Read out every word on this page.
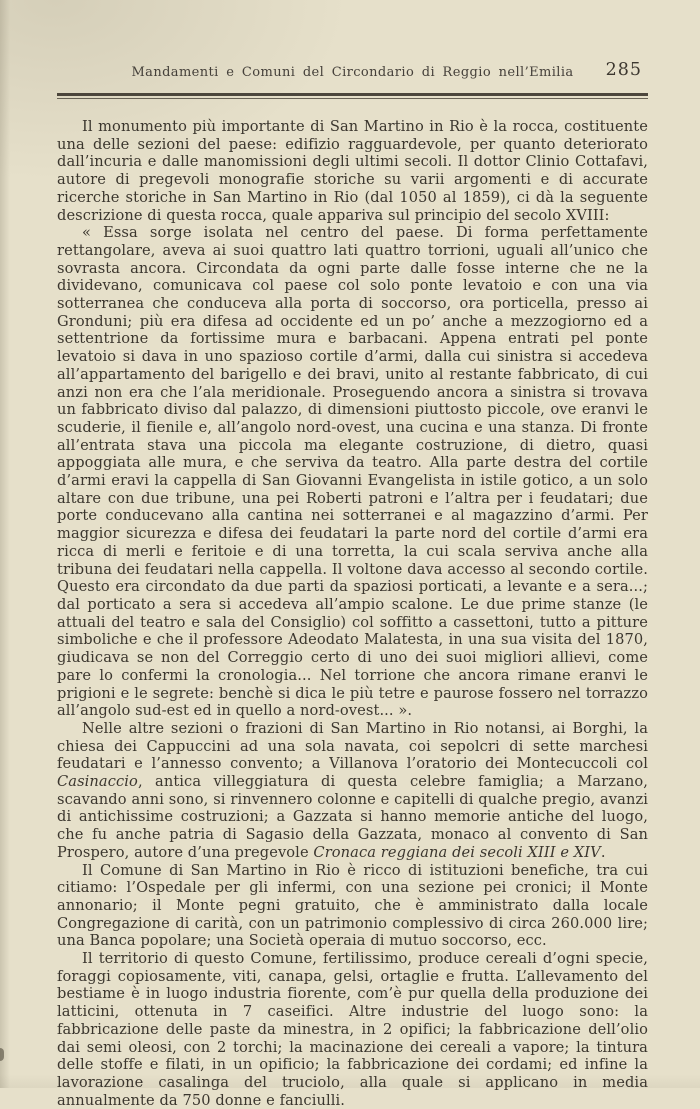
Mandamenti e Comuni del Circondario di Reggio nell’Emilia	285

Il monumento più importante di San Martino in Rio è la rocca, costituente una delle sezioni del paese: edifizio ragguardevole, per quanto deteriorato dall’incuria e dalle manomissioni degli ultimi secoli. Il dottor Clinio Cottafavi, autore di pregevoli monografie storiche su varii argomenti e di accurate ricerche storiche in San Martino in Rio (dal 1050 al 1859), ci dà la seguente descrizione di questa rocca, quale appariva sul principio del secolo XVIII:

« Essa sorge isolata nel centro del paese. Di forma perfettamente rettangolare, aveva ai suoi quattro lati quattro torrioni, uguali all’unico che sovrasta ancora. Circondata da ogni parte dalle fosse interne che ne la dividevano, comunicava col paese col solo ponte levatoio e con una via sotterranea che conduceva alla porta di soccorso, ora porticella, presso ai Gronduni; più era difesa ad occidente ed un po’ anche a mezzogiorno ed a settentrione da fortissime mura e barbacani. Appena entrati pel ponte levatoio si dava in uno spazioso cortile d’armi, dalla cui sinistra si accedeva all’appartamento del barigello e dei bravi, unito al restante fabbricato, di cui anzi non era che l’ala meridionale. Proseguendo ancora a sinistra si trovava un fabbricato diviso dal palazzo, di dimensioni piuttosto piccole, ove eranvi le scuderie, il fienile e, all’angolo nord-ovest, una cucina e una stanza. Di fronte all’entrata stava una piccola ma elegante costruzione, di dietro, quasi appoggiata alle mura, e che serviva da teatro. Alla parte destra del cortile d’armi eravi la cappella di San Giovanni Evangelista in istile gotico, a un solo altare con due tribune, una pei Roberti patroni e l’altra per i feudatari; due porte conducevano alla cantina nei sotterranei e al magazzino d’armi. Per maggior sicurezza e difesa dei feudatari la parte nord del cortile d’armi era ricca di merli e feritoie e di una torretta, la cui scala serviva anche alla tribuna dei feudatari nella cappella. Il voltone dava accesso al secondo cortile. Questo era circondato da due parti da spaziosi porticati, a levante e a sera...; dal porticato a sera si accedeva all’ampio scalone. Le due prime stanze (le attuali del teatro e sala del Consiglio) col soffitto a cassettoni, tutto a pitture simboliche e che il professore Adeodato Malatesta, in una sua visita del 1870, giudicava se non del Correggio certo di uno dei suoi migliori allievi, come pare lo confermi la cronologia... Nel torrione che ancora rimane eranvi le prigioni e le segrete: benchè si dica le più tetre e paurose fossero nel torrazzo all’angolo sud-est ed in quello a nord-ovest... ».

Nelle altre sezioni o frazioni di San Martino in Rio notansi, ai Borghi, la chiesa dei Cappuccini ad una sola navata, coi sepolcri di sette marchesi feudatari e l’annesso convento; a Villanova l’oratorio dei Montecuccoli col Casinaccio, antica villeggiatura di questa celebre famiglia; a Marzano, scavando anni sono, si rinvennero colonne e capitelli di qualche pregio, avanzi di antichissime costruzioni; a Gazzata si hanno memorie antiche del luogo, che fu anche patria di Sagasio della Gazzata, monaco al convento di San Prospero, autore d’una pregevole Cronaca reggiana dei secoli XIII e XIV.

Il Comune di San Martino in Rio è ricco di istituzioni benefiche, tra cui citiamo: l’Ospedale per gli infermi, con una sezione pei cronici; il Monte annonario; il Monte pegni gratuito, che è amministrato dalla locale Congregazione di carità, con un patrimonio complessivo di circa 260.000 lire; una Banca popolare; una Società operaia di mutuo soccorso, ecc.

Il territorio di questo Comune, fertilissimo, produce cereali d’ogni specie, foraggi copiosamente, viti, canapa, gelsi, ortaglie e frutta. L’allevamento del bestiame è in luogo industria fiorente, com’è pur quella della produzione dei latticini, ottenuta in 7 caseifici. Altre industrie del luogo sono: la fabbricazione delle paste da minestra, in 2 opifici; la fabbricazione dell’olio dai semi oleosi, con 2 torchi; la macinazione dei cereali a vapore; la tintura delle stoffe e filati, in un opificio; la fabbricazione dei cordami; ed infine la lavorazione casalinga del truciolo, alla quale si applicano in media annualmente da 750 donne e fanciulli.
